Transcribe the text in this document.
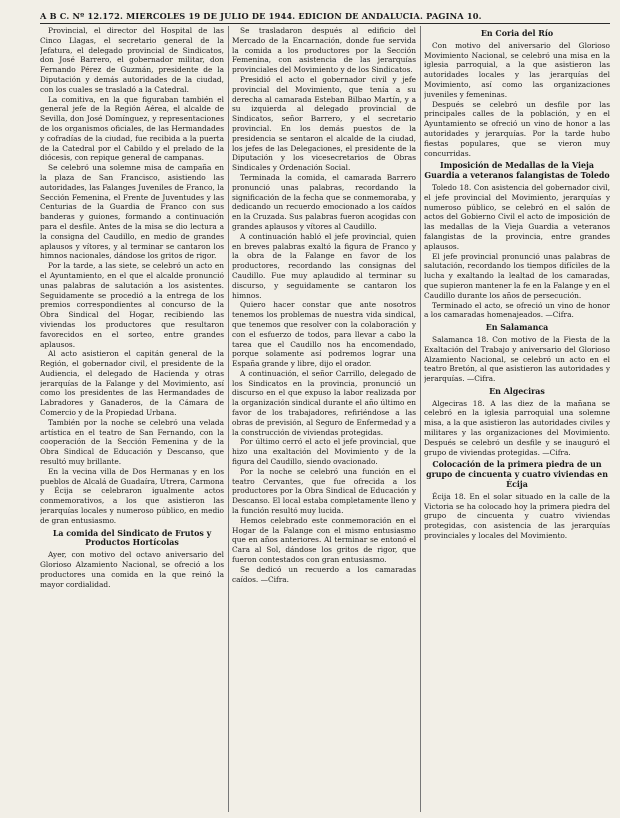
A B C. Nº 12.172. MIERCOLES 19 DE JULIO DE 1944. EDICION DE ANDALUCIA. PAGINA 10.

Provincial, el director del Hospital de las Cinco Llagas, el secretario general de la Jefatura, el delegado provincial de Sindicatos, don José Barrero, el gobernador militar, don Fernando Pérez de Guzmán, presidente de la Diputación y demás autoridades de la ciudad, con los cuales se trasladó a la Catedral.

La comitiva, en la que figuraban también el general jefe de la Región Aérea, el alcalde de Sevilla, don José Domínguez, y representaciones de los organismos oficiales, de las Hermandades y cofradías de la ciudad, fue recibida a la puerta de la Catedral por el Cabildo y el prelado de la diócesis, con repique general de campanas.

Se celebró una solemne misa de campaña en la plaza de San Francisco, asistiendo las autoridades, las Falanges Juveniles de Franco, la Sección Femenina, el Frente de Juventudes y las Centurias de la Guardia de Franco con sus banderas y guiones, formando a continuación para el desfile. Antes de la misa se dio lectura a la consigna del Caudillo, en medio de grandes aplausos y vítores, y al terminar se cantaron los himnos nacionales, dándose los gritos de rigor.

Por la tarde, a las siete, se celebró un acto en el Ayuntamiento, en el que el alcalde pronunció unas palabras de salutación a los asistentes. Seguidamente se procedió a la entrega de los premios correspondientes al concurso de la Obra Sindical del Hogar, recibiendo las viviendas los productores que resultaron favorecidos en el sorteo, entre grandes aplausos.

Al acto asistieron el capitán general de la Región, el gobernador civil, el presidente de la Audiencia, el delegado de Hacienda y otras jerarquías de la Falange y del Movimiento, así como los presidentes de las Hermandades de Labradores y Ganaderos, de la Cámara de Comercio y de la Propiedad Urbana.

También por la noche se celebró una velada artística en el teatro de San Fernando, con la cooperación de la Sección Femenina y de la Obra Sindical de Educación y Descanso, que resultó muy brillante.

En la vecina villa de Dos Hermanas y en los pueblos de Alcalá de Guadaíra, Utrera, Carmona y Écija se celebraron igualmente actos conmemorativos, a los que asistieron las jerarquías locales y numeroso público, en medio de gran entusiasmo.

La comida del Sindicato de Frutos y Productos Hortícolas

Ayer, con motivo del octavo aniversario del Glorioso Alzamiento Nacional, se ofreció a los productores una comida en la que reinó la mayor cordialidad.

Se trasladaron después al edificio del Mercado de la Encarnación, donde fue servida la comida a los productores por la Sección Femenina, con asistencia de las jerarquías provinciales del Movimiento y de los Sindicatos.

Presidió el acto el gobernador civil y jefe provincial del Movimiento, que tenía a su derecha al camarada Esteban Bilbao Martín, y a su izquierda al delegado provincial de Sindicatos, señor Barrero, y el secretario provincial. En los demás puestos de la presidencia se sentaron el alcalde de la ciudad, los jefes de las Delegaciones, el presidente de la Diputación y los vicesecretarios de Obras Sindicales y Ordenación Social.

Terminada la comida, el camarada Barrero pronunció unas palabras, recordando la significación de la fecha que se conmemoraba, y dedicando un recuerdo emocionado a los caídos en la Cruzada. Sus palabras fueron acogidas con grandes aplausos y vítores al Caudillo.

A continuación habló el jefe provincial, quien en breves palabras exaltó la figura de Franco y la obra de la Falange en favor de los productores, recordando las consignas del Caudillo. Fue muy aplaudido al terminar su discurso, y seguidamente se cantaron los himnos.

Quiero hacer constar que ante nosotros tenemos los problemas de nuestra vida sindical, que tenemos que resolver con la colaboración y con el esfuerzo de todos, para llevar a cabo la tarea que el Caudillo nos ha encomendado, porque solamente así podremos lograr una España grande y libre, dijo el orador.

A continuación, el señor Carrillo, delegado de los Sindicatos en la provincia, pronunció un discurso en el que expuso la labor realizada por la organización sindical durante el año último en favor de los trabajadores, refiriéndose a las obras de previsión, al Seguro de Enfermedad y a la construcción de viviendas protegidas.

Por último cerró el acto el jefe provincial, que hizo una exaltación del Movimiento y de la figura del Caudillo, siendo ovacionado.

Por la noche se celebró una función en el teatro Cervantes, que fue ofrecida a los productores por la Obra Sindical de Educación y Descanso. El local estaba completamente lleno y la función resultó muy lucida.

Hemos celebrado este conmemoración en el Hogar de la Falange con el mismo entusiasmo que en años anteriores. Al terminar se entonó el Cara al Sol, dándose los gritos de rigor, que fueron contestados con gran entusiasmo.

Se dedicó un recuerdo a los camaradas caídos. —Cifra.

En Coria del Río

Con motivo del aniversario del Glorioso Movimiento Nacional, se celebró una misa en la iglesia parroquial, a la que asistieron las autoridades locales y las jerarquías del Movimiento, así como las organizaciones juveniles y femeninas.

Después se celebró un desfile por las principales calles de la población, y en el Ayuntamiento se ofreció un vino de honor a las autoridades y jerarquías. Por la tarde hubo fiestas populares, que se vieron muy concurridas.

Imposición de Medallas de la Vieja Guardia a veteranos falangistas de Toledo

Toledo 18. Con asistencia del gobernador civil, el jefe provincial del Movimiento, jerarquías y numeroso público, se celebró en el salón de actos del Gobierno Civil el acto de imposición de las medallas de la Vieja Guardia a veteranos falangistas de la provincia, entre grandes aplausos.

El jefe provincial pronunció unas palabras de salutación, recordando los tiempos difíciles de la lucha y exaltando la lealtad de los camaradas, que supieron mantener la fe en la Falange y en el Caudillo durante los años de persecución.

Terminado el acto, se ofreció un vino de honor a los camaradas homenajeados. —Cifra.

En Salamanca

Salamanca 18. Con motivo de la Fiesta de la Exaltación del Trabajo y aniversario del Glorioso Alzamiento Nacional, se celebró un acto en el teatro Bretón, al que asistieron las autoridades y jerarquías. —Cifra.

En Algeciras

Algeciras 18. A las diez de la mañana se celebró en la iglesia parroquial una solemne misa, a la que asistieron las autoridades civiles y militares y las organizaciones del Movimiento. Después se celebró un desfile y se inauguró el grupo de viviendas protegidas. —Cifra.

Colocación de la primera piedra de un grupo de cincuenta y cuatro viviendas en Écija

Écija 18. En el solar situado en la calle de la Victoria se ha colocado hoy la primera piedra del grupo de cincuenta y cuatro viviendas protegidas, con asistencia de las jerarquías provinciales y locales del Movimiento.
